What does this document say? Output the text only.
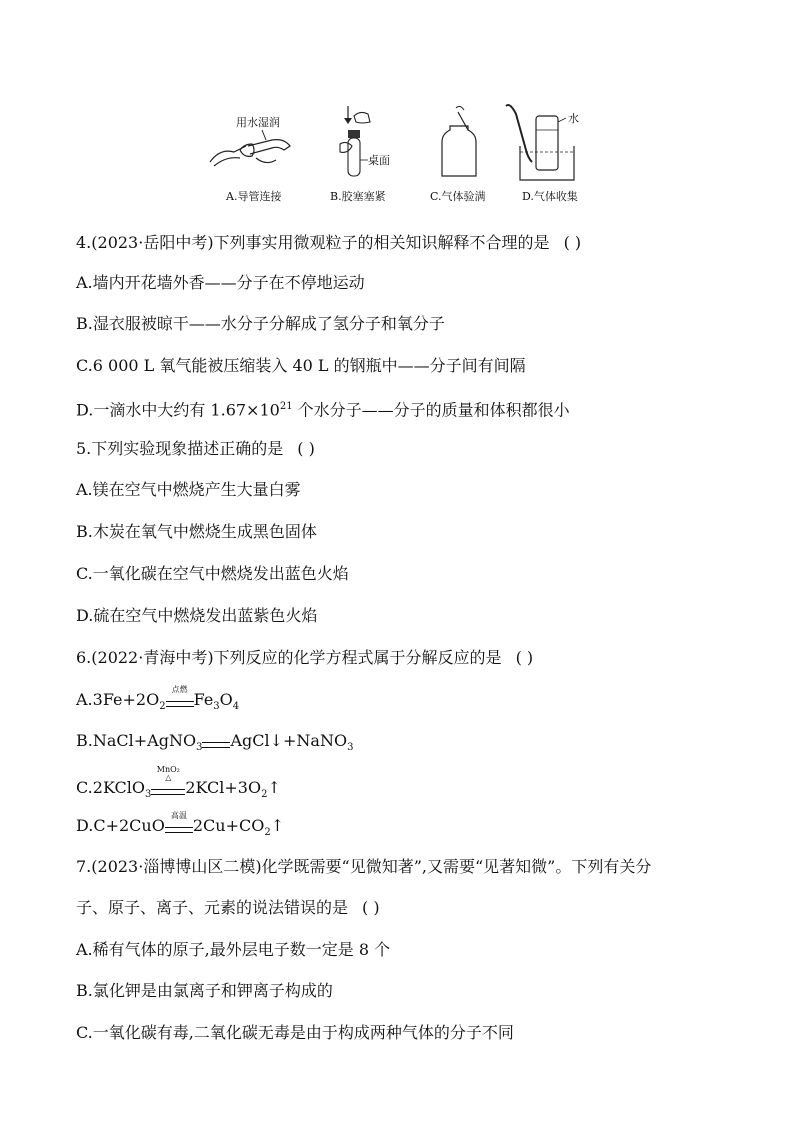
用水湿润
A.导管连接
桌面
B.胶塞塞紧	C.气体验满
水
D.气体收集
4.(2023·岳阳中考)下列事实用微观粒子的相关知识解释不合理的是 ( )
A.墙内开花墙外香——分子在不停地运动
B.湿衣服被晾干——水分子分解成了氢分子和氧分子
C.6 000 L 氧气能被压缩装入 40 L 的钢瓶中——分子间有间隔
D.一滴水中大约有 $1.67\times 10^{21}$ 个水分子——分子的质量和体积都很小
5.下列实验现象描述正确的是 ( )
A.镁在空气中燃烧产生大量白雾
B.木炭在氧气中燃烧生成黑色固体
C.一氧化碳在空气中燃烧发出蓝色火焰
D.硫在空气中燃烧发出蓝紫色火焰
6.(2022·青海中考)下列反应的化学方程式属于分解反应的是 ( )
$A.3Fe+2O_2$
点燃
$Fe_3O_4$
B.NaCl+AgNO$_3$ AgCl↓+NaNO$_3$
C.2KClO$_3$
MnO₂
△
$2KCl+3O_2↑$
D.C+2CuO
高温
$2Cu+CO_2↑$
7.(2023·淄博博山区二模)化学既需要“见微知著”,又需要“见著知微”。下列有关分
子、原子、离子、元素的说法错误的是 ( )
A.稀有气体的原子,最外层电子数一定是 8 个
B.氯化钾是由氯离子和钾离子构成的
C.一氧化碳有毒,二氧化碳无毒是由于构成两种气体的分子不同
